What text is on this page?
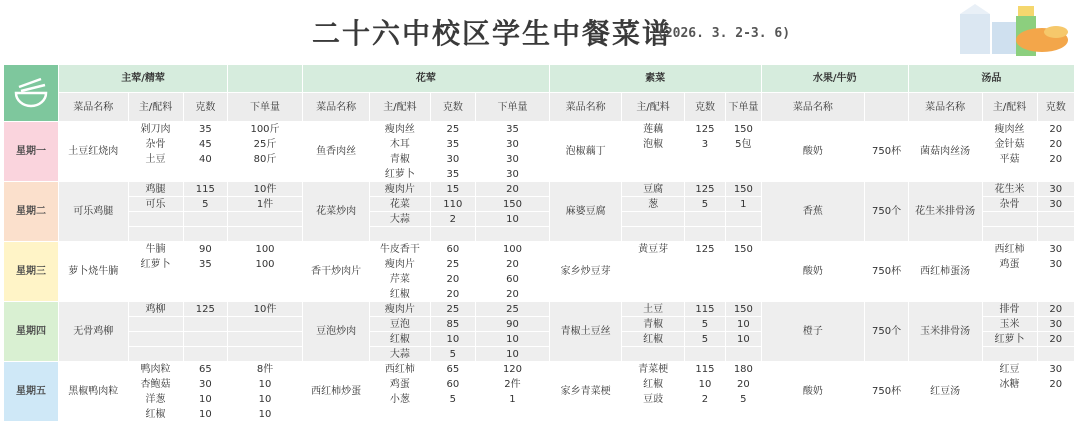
二十六中校区学生中餐菜谱
(2026. 3. 2-3. 6)
	主荤/精荤				花荤				素菜				水果/牛奶		汤品		
	菜品名称	主/配料	克数	下单量	菜品名称	主/配料	克数	下单量	菜品名称	主/配料	克数	下单量	菜品名称		菜品名称	主/配料	克数
星期一	土豆红烧肉	剁刀肉	35	100斤	鱼香肉丝	瘦肉丝	25	35	泡椒藕丁	莲藕	125	150	酸奶	750杯	菌菇肉丝汤	瘦肉丝	20
		杂骨	45	25斤		木耳	35	30		泡椒	3	5包				金针菇	20
		土豆	40	80斤		青椒	30	30								平菇	20
						红萝卜	35	30									
星期二	可乐鸡腿	鸡腿	115	10件	花菜炒肉	瘦肉片	15	20	麻婆豆腐	豆腐	125	150	香蕉	750个	花生米排骨汤	花生米	30
		可乐	5	1件		花菜	110	150		葱	5	1				杂骨	30
						大蒜	2	10									

星期三	萝卜烧牛腩	牛腩	90	100	香干炒肉片	牛皮香干	60	100	家乡炒豆芽	黄豆芽	125	150	酸奶	750杯	西红柿蛋汤	西红柿	30
		红萝卜	35	100		瘦肉片	25	20								鸡蛋	30
						芹菜	20	60									
						红椒	20	20									
星期四	无骨鸡柳	鸡柳	125	10件	豆泡炒肉	瘦肉片	25	25	青椒土豆丝	土豆	115	150	橙子	750个	玉米排骨汤	排骨	20
						豆泡	85	90		青椒	5	10				玉米	30
						红椒	10	10		红椒	5	10				红萝卜	20
						大蒜	5	10									
星期五	黑椒鸭肉粒	鸭肉粒	65	8件	西红柿炒蛋	西红柿	65	120	家乡青菜梗	青菜梗	115	180	酸奶	750杯	红豆汤	红豆	30
		杏鲍菇	30	10		鸡蛋	60	2件		红椒	10	20				冰糖	20
		洋葱	10	10		小葱	5	1		豆豉	2	5					
		红椒	10	10													
